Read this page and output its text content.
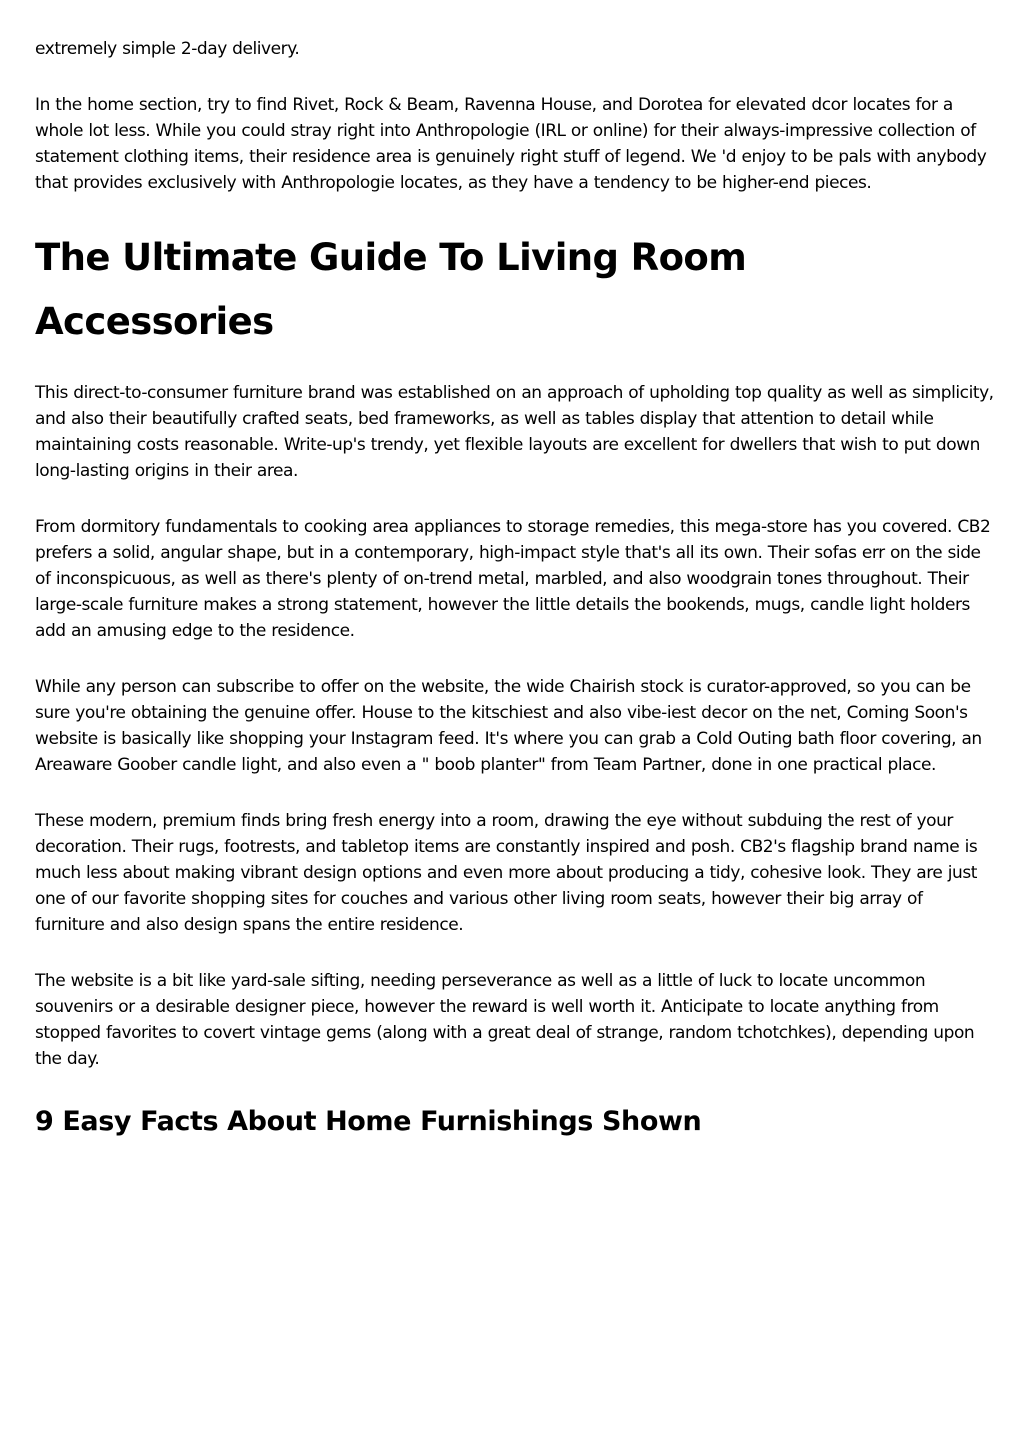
extremely simple 2-day delivery.

In the home section, try to find Rivet, Rock & Beam, Ravenna House, and Dorotea for elevated dcor locates for a whole lot less. While you could stray right into Anthropologie (IRL or online) for their always-impressive collection of statement clothing items, their residence area is genuinely right stuff of legend. We 'd enjoy to be pals with anybody that provides exclusively with Anthropologie locates, as they have a tendency to be higher-end pieces.

The Ultimate Guide To Living Room Accessories

This direct-to-consumer furniture brand was established on an approach of upholding top quality as well as simplicity, and also their beautifully crafted seats, bed frameworks, as well as tables display that attention to detail while maintaining costs reasonable. Write-up's trendy, yet flexible layouts are excellent for dwellers that wish to put down long-lasting origins in their area.

From dormitory fundamentals to cooking area appliances to storage remedies, this mega-store has you covered. CB2 prefers a solid, angular shape, but in a contemporary, high-impact style that's all its own. Their sofas err on the side of inconspicuous, as well as there's plenty of on-trend metal, marbled, and also woodgrain tones throughout. Their large-scale furniture makes a strong statement, however the little details the bookends, mugs, candle light holders add an amusing edge to the residence.

While any person can subscribe to offer on the website, the wide Chairish stock is curator-approved, so you can be sure you're obtaining the genuine offer. House to the kitschiest and also vibe-iest decor on the net, Coming Soon's website is basically like shopping your Instagram feed. It's where you can grab a Cold Outing bath floor covering, an Areaware Goober candle light, and also even a " boob planter" from Team Partner, done in one practical place.

These modern, premium finds bring fresh energy into a room, drawing the eye without subduing the rest of your decoration. Their rugs, footrests, and tabletop items are constantly inspired and posh. CB2's flagship brand name is much less about making vibrant design options and even more about producing a tidy, cohesive look. They are just one of our favorite shopping sites for couches and various other living room seats, however their big array of furniture and also design spans the entire residence.

The website is a bit like yard-sale sifting, needing perseverance as well as a little of luck to locate uncommon souvenirs or a desirable designer piece, however the reward is well worth it. Anticipate to locate anything from stopped favorites to covert vintage gems (along with a great deal of strange, random tchotchkes), depending upon the day.

9 Easy Facts About Home Furnishings Shown
